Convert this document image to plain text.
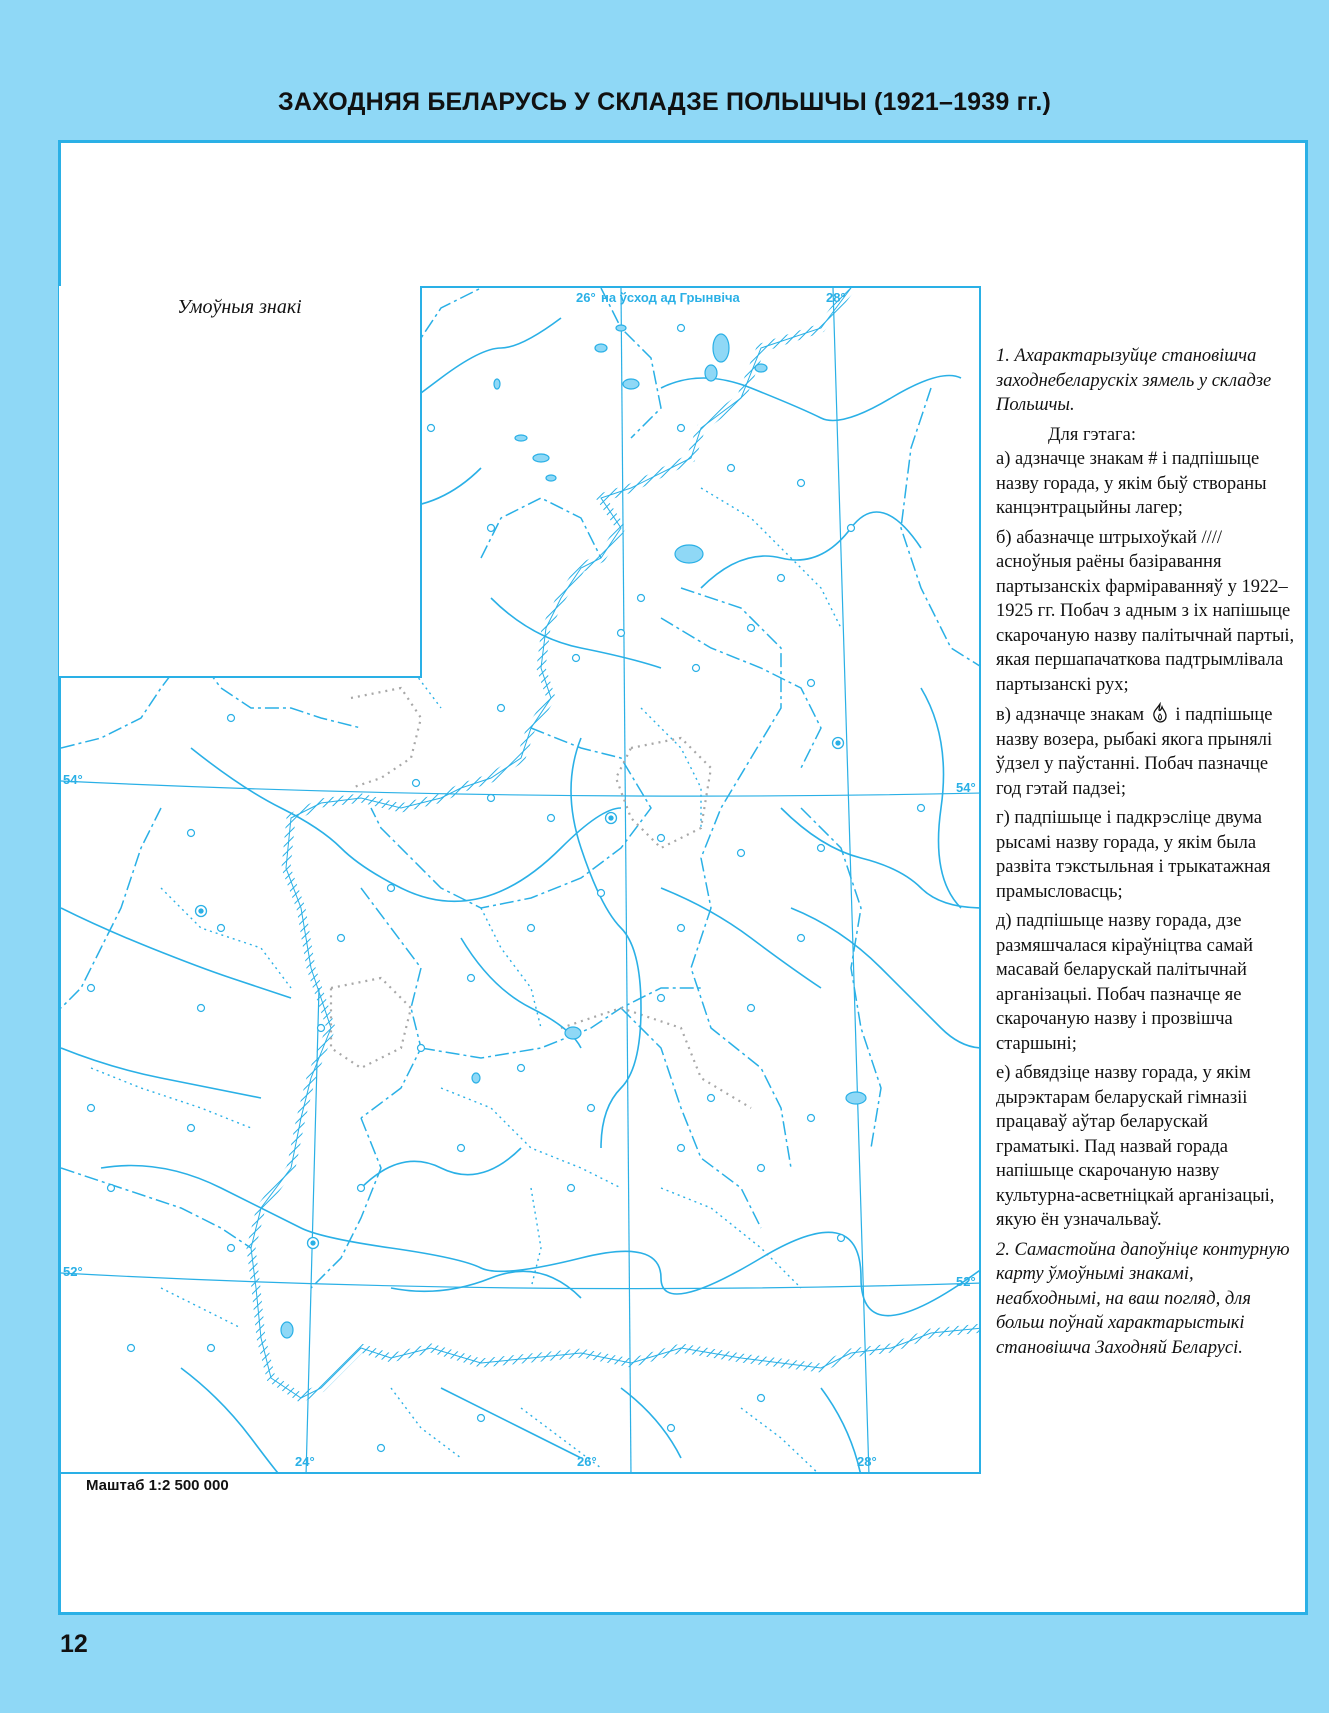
ЗАХОДНЯЯ БЕЛАРУСЬ У СКЛАДЗЕ ПОЛЬШЧЫ (1921–1939 гг.)
26° на ўсход ад Грынвіча	28°
24°	26°	28°
54°
54°
52°
52°
Умоўныя знакі
Маштаб 1:2 500 000

1. Ахарактарызуйце становішча заходнебеларускіх зямель у складзе Польшчы.

Для гэтага:

а) адзначце знакам # і падпішыце назву горада, у якім быў створаны канцэнтрацыйны лагер;

б) абазначце штрыхоўкай //// асноўныя раёны базіравання партызанскіх фарміраванняў у 1922–1925 гг. Побач з адным з іх напішыце скарочаную назву палітычнай партыі, якая першапачаткова падтрымлівала партызанскі рух;

в) адзначце знакам і падпішыце назву возера, рыбакі якога прынялі ўдзел у паўстанні. Побач пазначце год гэтай падзеі;

г) падпішыце і падкрэсліце двума рысамі назву горада, у якім была развіта тэкстыльная і трыкатажная прамысловасць;

д) падпішыце назву горада, дзе размяшчалася кіраўніцтва самай масавай беларускай палітычнай арганізацыі. Побач пазначце яе скарочаную назву і прозвішча старшыні;

е) абвядзіце назву горада, у якім дырэктарам беларускай гімназіі працаваў аўтар беларускай граматыкі. Пад назвай горада напішыце скарочаную назву культурна-асветніцкай арганізацыі, якую ён узначальваў.

2. Самастойна дапоўніце контурную карту ўмоўнымі знакамі, неабходнымі, на ваш погляд, для больш поўнай характарыстыкі становішча Заходняй Беларусі.

12
